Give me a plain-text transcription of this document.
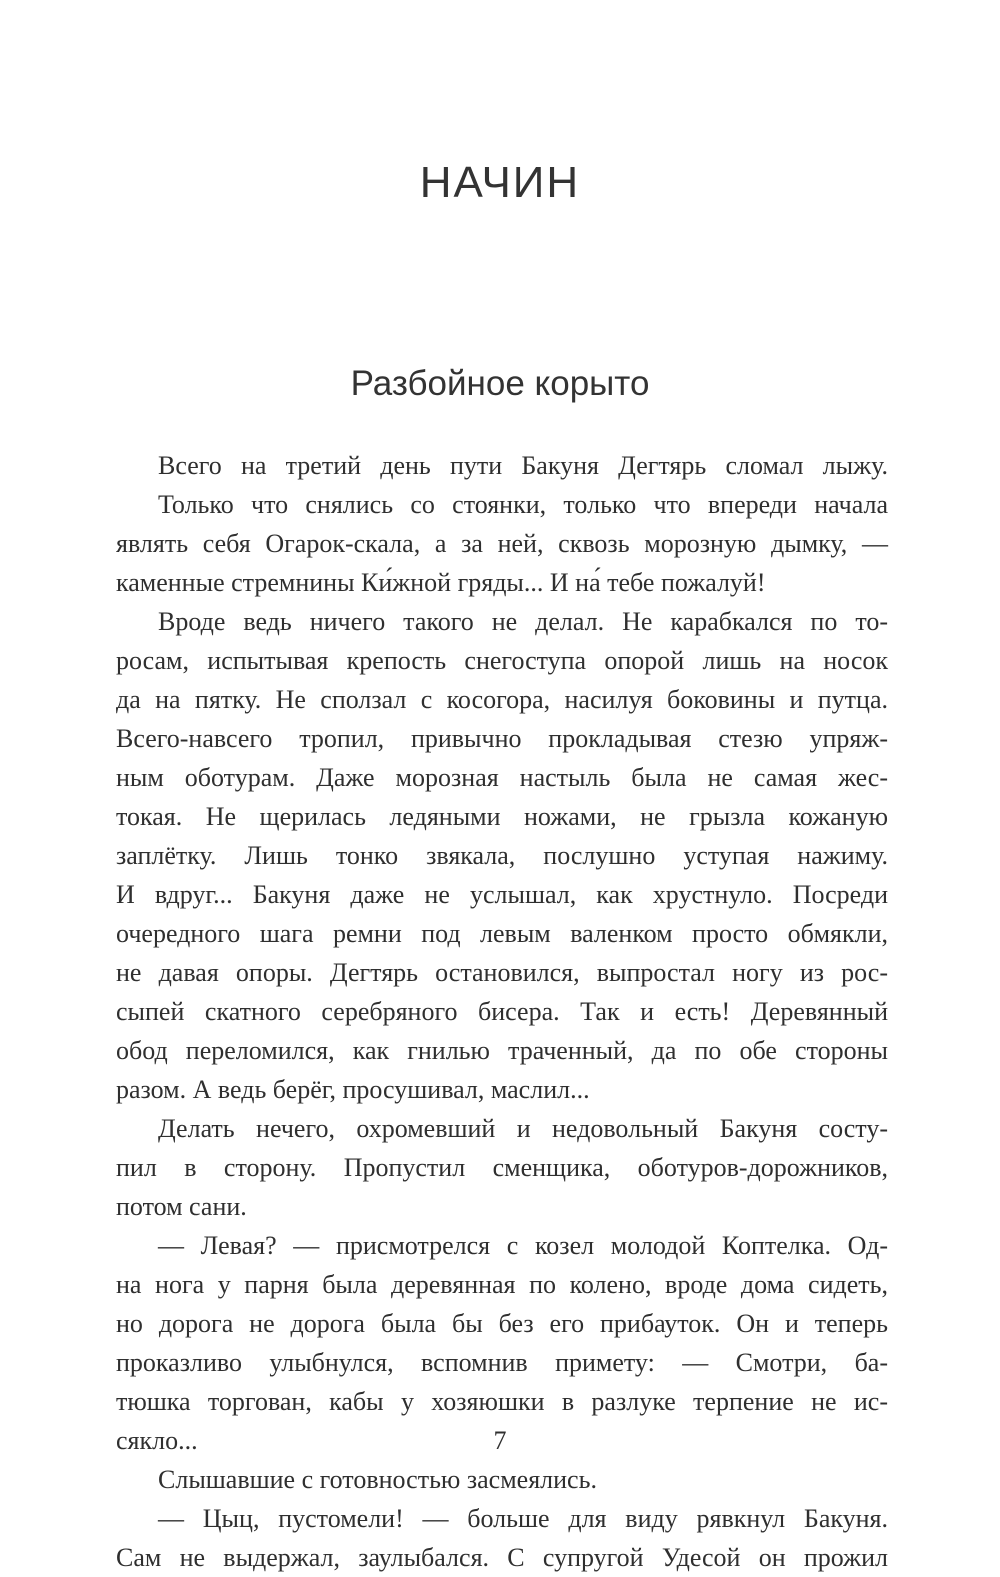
НАЧИН
Разбойное корыто
Всего на третий день пути Бакуня Дегтярь сломал лыжу.
Только что снялись со стоянки, только что впереди начала
являть себя Огарок-скала, а за ней, сквозь морозную дымку, —
каменные стремнины Ки́жной гряды... И на́ тебе пожалуй!
Вроде ведь ничего такого не делал. Не карабкался по то-
росам, испытывая крепость снегоступа опорой лишь на носок
да на пятку. Не сползал с косогора, насилуя боковины и путца.
Всего-навсего тропил, привычно прокладывая стезю упряж-
ным оботурам. Даже морозная настыль была не самая жес-
токая. Не щерилась ледяными ножами, не грызла кожаную
заплётку. Лишь тонко звякала, послушно уступая нажиму.
И вдруг... Бакуня даже не услышал, как хрустнуло. Посреди
очередного шага ремни под левым валенком просто обмякли,
не давая опоры. Дегтярь остановился, выпростал ногу из рос-
сыпей скатного серебряного бисера. Так и есть! Деревянный
обод переломился, как гнилью траченный, да по обе стороны
разом. А ведь берёг, просушивал, маслил...
Делать нечего, охромевший и недовольный Бакуня состу-
пил в сторону. Пропустил сменщика, оботуров-дорожников,
потом сани.
— Левая? — присмотрелся с козел молодой Коптелка. Од-
на нога у парня была деревянная по колено, вроде дома сидеть,
но дорога не дорога была бы без его прибауток. Он и теперь
проказливо улыбнулся, вспомнив примету: — Смотри, ба-
тюшка торгован, кабы у хозяюшки в разлуке терпение не ис-
сякло...
Слышавшие с готовностью засмеялись.
— Цыц, пустомели! — больше для виду рявкнул Бакуня.
Сам не выдержал, заулыбался. С супругой Удесой он прожил
7
